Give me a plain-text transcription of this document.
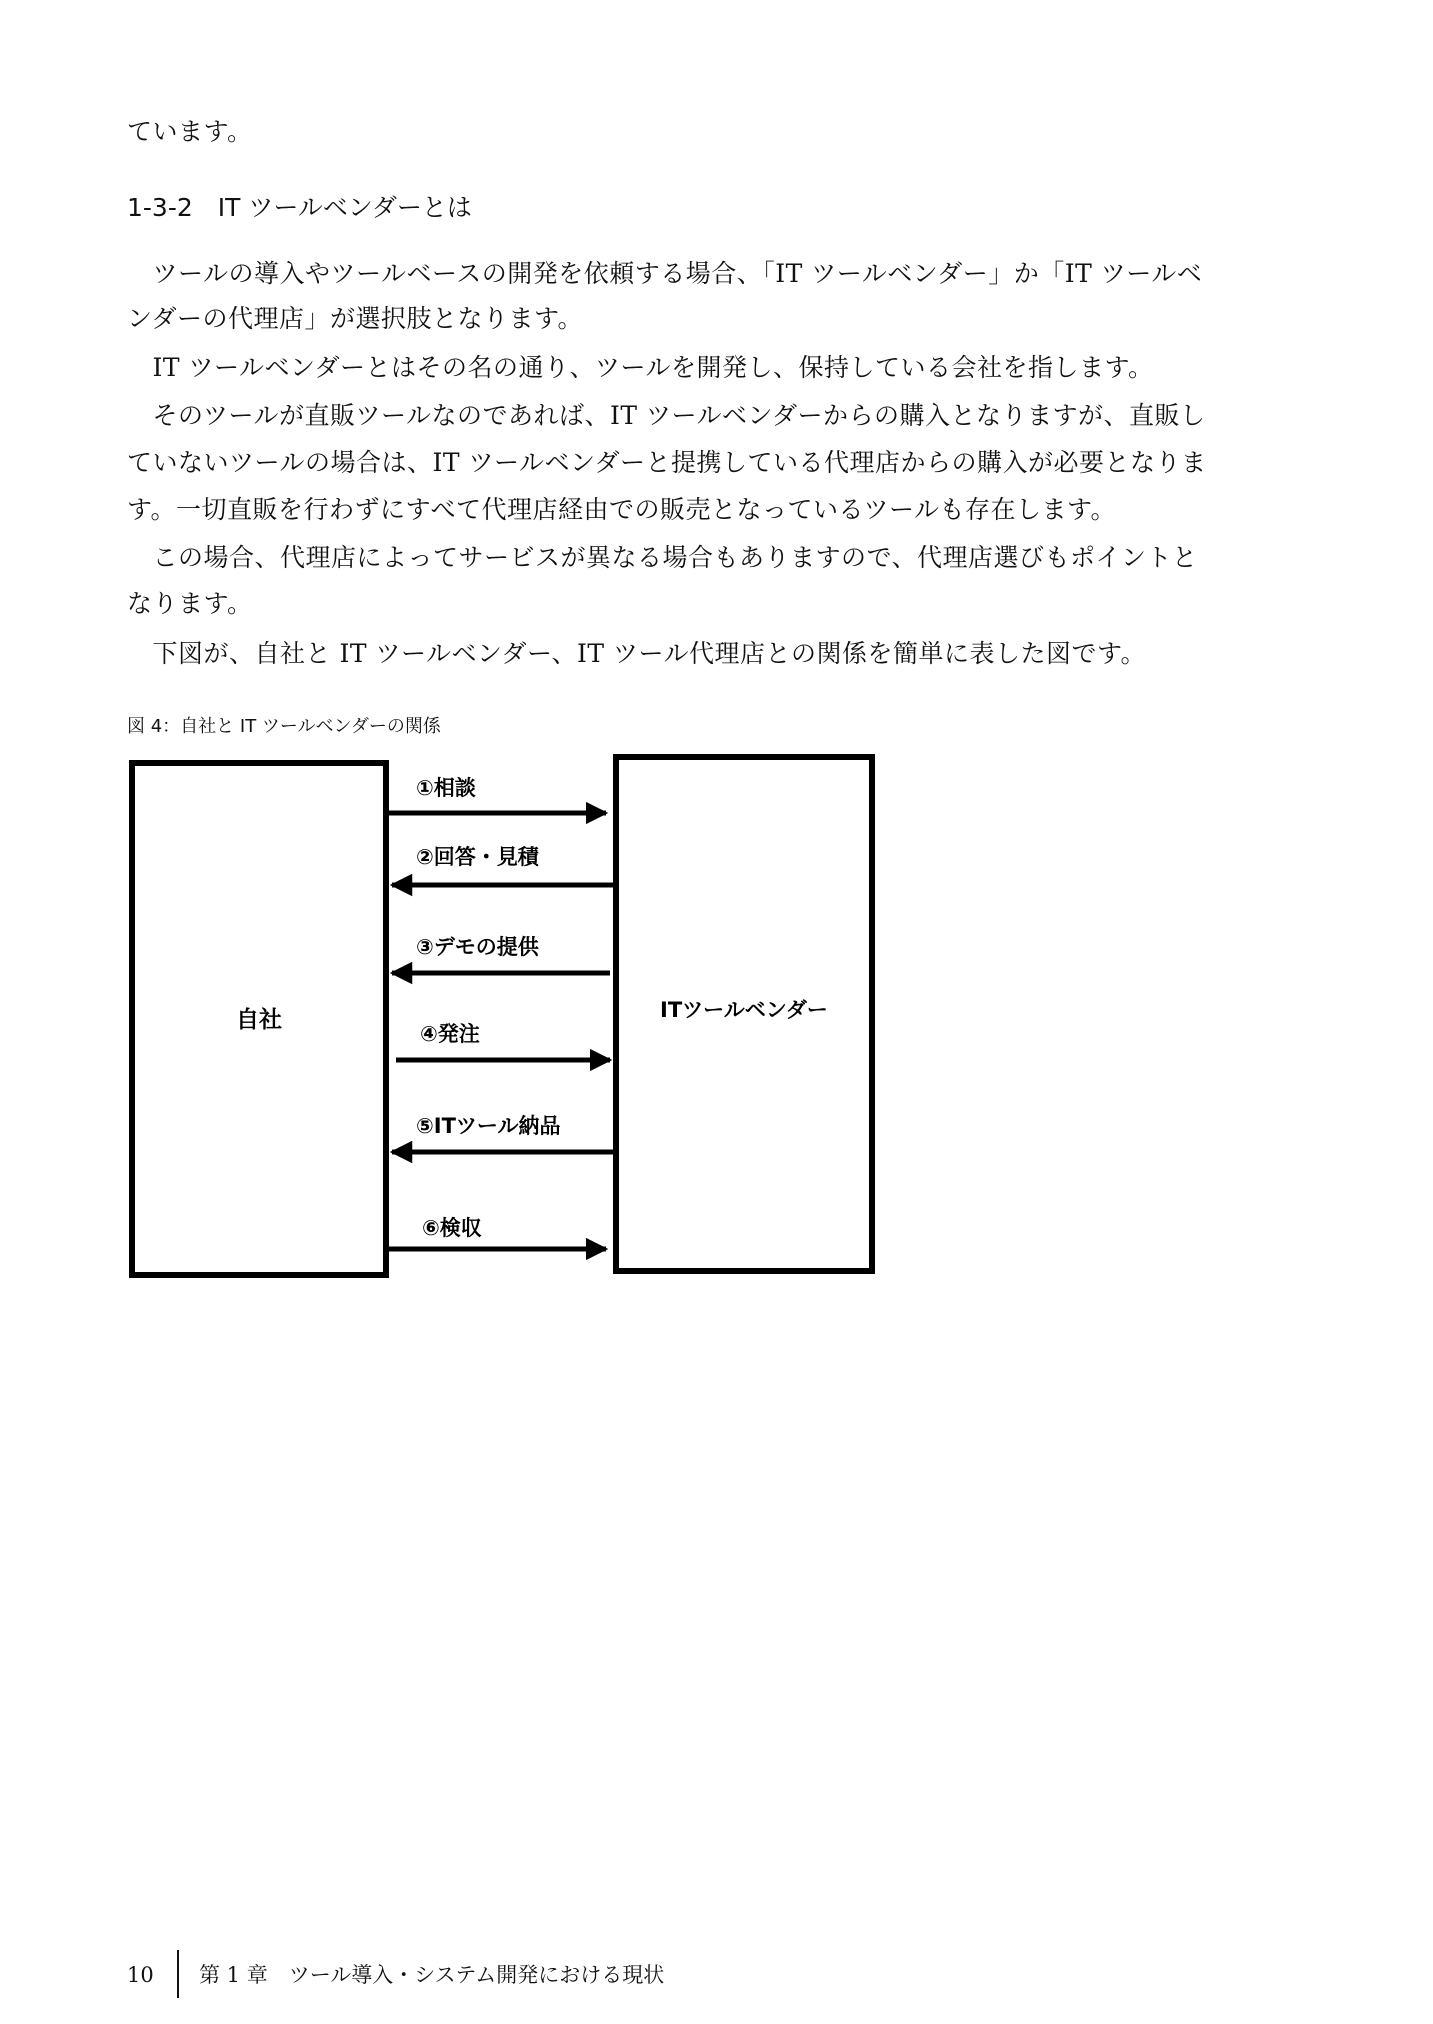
ています。
1-3-2　IT ツールベンダーとは
　ツールの導入やツールベースの開発を依頼する場合、「IT ツールベンダー」か「IT ツールベ
ンダーの代理店」が選択肢となります。
　IT ツールベンダーとはその名の通り、ツールを開発し、保持している会社を指します。
　そのツールが直販ツールなのであれば、IT ツールベンダーからの購入となりますが、直販し
ていないツールの場合は、IT ツールベンダーと提携している代理店からの購入が必要となりま
す。一切直販を行わずにすべて代理店経由での販売となっているツールも存在します。
　この場合、代理店によってサービスが異なる場合もありますので、代理店選びもポイントと
なります。
　下図が、自社と IT ツールベンダー、IT ツール代理店との関係を簡単に表した図です。
図 4：自社と IT ツールベンダーの関係
自社	ITツールベンダー
①相談
②回答・見積
③デモの提供
④発注
⑤ITツール納品
⑥検収
10 第 1 章　ツール導入・システム開発における現状
